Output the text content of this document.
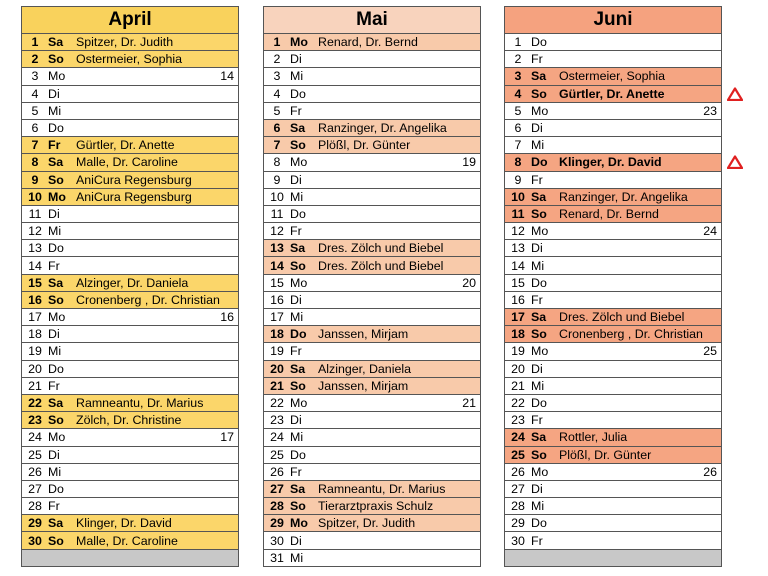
April
1 Sa	Spitzer, Dr. Judith
2 So Ostermeier, Sophia
3 Mo	14
4 Di
5 Mi
6 Do
7 Fr	Gürtler, Dr. Anette
8 Sa	Malle, Dr. Caroline
9 So AniCura Regensburg
10 Mo AniCura Regensburg
11 Di
12 Mi
13 Do
14 Fr
15 Sa	Alzinger, Dr. Daniela
16 So Cronenberg , Dr. Christian
17 Mo	16
18 Di
19 Mi
20 Do
21 Fr
22 Sa	Ramneantu, Dr. Marius
23 So Zölch, Dr. Christine
24 Mo	17
25 Di
26 Mi
27 Do
28 Fr
29 Sa	Klinger, Dr. David
30 So Malle, Dr. Caroline
Mai
1 Mo Renard, Dr. Bernd
2 Di
3 Mi
4 Do
5 Fr
6 Sa	Ranzinger, Dr. Angelika
7 So Plößl, Dr. Günter
8 Mo	19
9 Di
10 Mi
11 Do
12 Fr
13 Sa	Dres. Zölch und Biebel
14 So Dres. Zölch und Biebel
15 Mo	20
16 Di
17 Mi
18 Do Janssen, Mirjam
19 Fr
20 Sa	Alzinger, Daniela
21 So Janssen, Mirjam
22 Mo	21
23 Di
24 Mi
25 Do
26 Fr
27 Sa	Ramneantu, Dr. Marius
28 So Tierarztpraxis Schulz
29 Mo Spitzer, Dr. Judith
30 Di
31 Mi
Juni
1 Do
2 Fr
3 Sa	Ostermeier, Sophia
4 So Gürtler, Dr. Anette
5 Mo	23
6 Di
7 Mi
8 Do Klinger, Dr. David
9 Fr
10 Sa	Ranzinger, Dr. Angelika
11 So Renard, Dr. Bernd
12 Mo	24
13 Di
14 Mi
15 Do
16 Fr
17 Sa	Dres. Zölch und Biebel
18 So Cronenberg , Dr. Christian
19 Mo	25
20 Di
21 Mi
22 Do
23 Fr
24 Sa	Rottler, Julia
25 So Plößl, Dr. Günter
26 Mo	26
27 Di
28 Mi
29 Do
30 Fr
